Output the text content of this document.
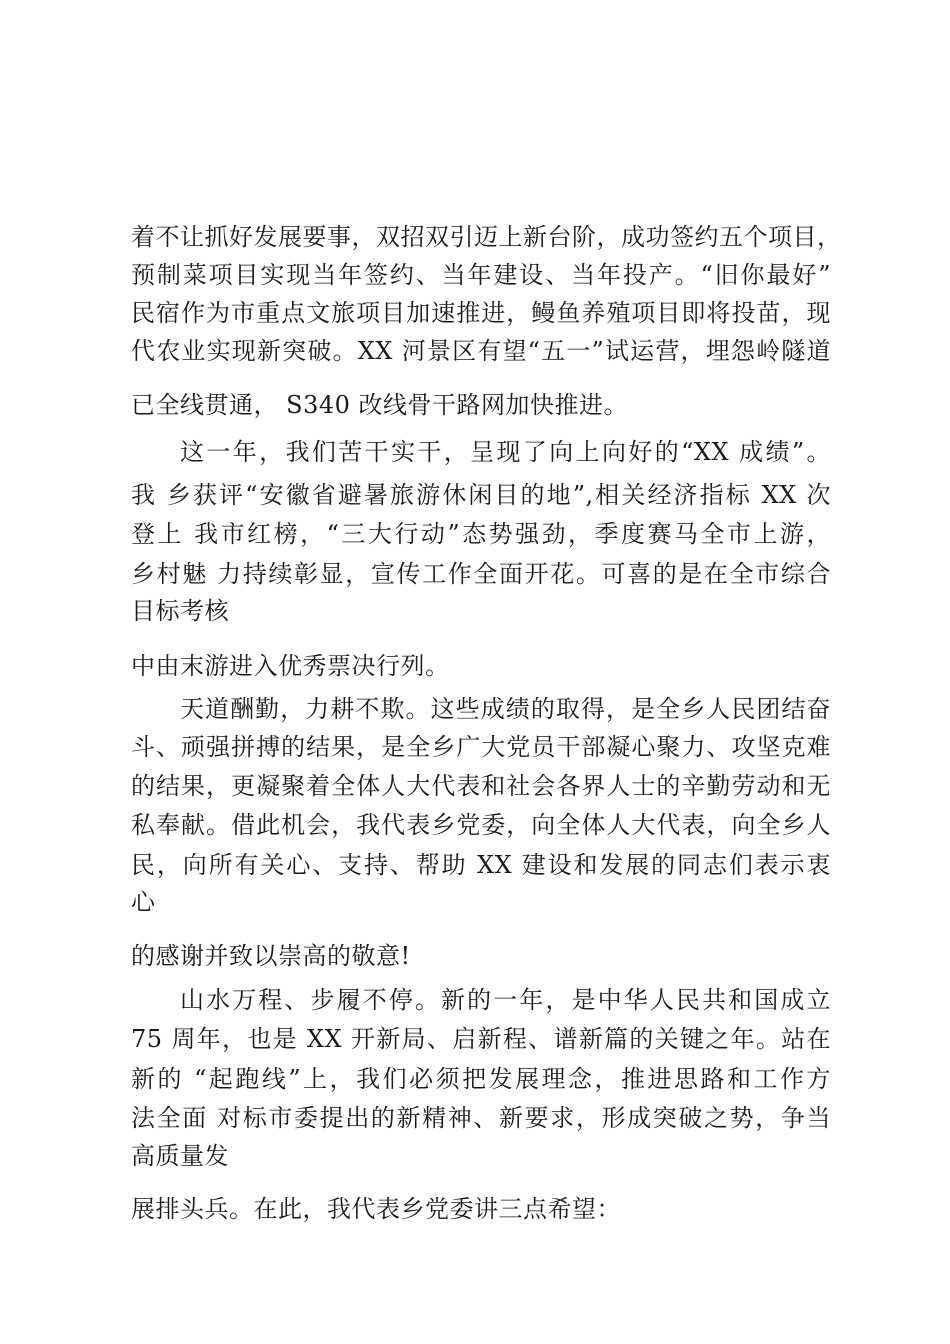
着不让抓好发展要事，双招双引迈上新台阶，成功签约五个项目，
预制菜项目实现当年签约、当年建设、当年投产。“旧你最好”
民宿作为市重点文旅项目加速推进，鳗鱼养殖项目即将投苗，现
代农业实现新突破。XX 河景区有望“五一”试运营，埋怨岭隧道
已全线贯通， S340 改线骨干路网加快推进。
这一年，我们苦干实干，呈现了向上向好的“XX 成绩”。
我 乡获评“安徽省避暑旅游休闲目的地”,相关经济指标 XX 次
登上 我市红榜，“三大行动”态势强劲，季度赛马全市上游，
乡村魅 力持续彰显，宣传工作全面开花。可喜的是在全市综合
目标考核
中由末游进入优秀票决行列。
天道酬勤，力耕不欺。这些成绩的取得，是全乡人民团结奋
斗、顽强拼搏的结果，是全乡广大党员干部凝心聚力、攻坚克难
的结果，更凝聚着全体人大代表和社会各界人士的辛勤劳动和无
私奉献。借此机会，我代表乡党委，向全体人大代表，向全乡人
民，向所有关心、支持、帮助 XX 建设和发展的同志们表示衷
心
的感谢并致以崇高的敬意!
山水万程、步履不停。新的一年，是中华人民共和国成立
75 周年，也是 XX 开新局、启新程、谱新篇的关键之年。站在
新的 “起跑线”上，我们必须把发展理念，推进思路和工作方
法全面 对标市委提出的新精神、新要求，形成突破之势，争当
高质量发
展排头兵。在此，我代表乡党委讲三点希望：
